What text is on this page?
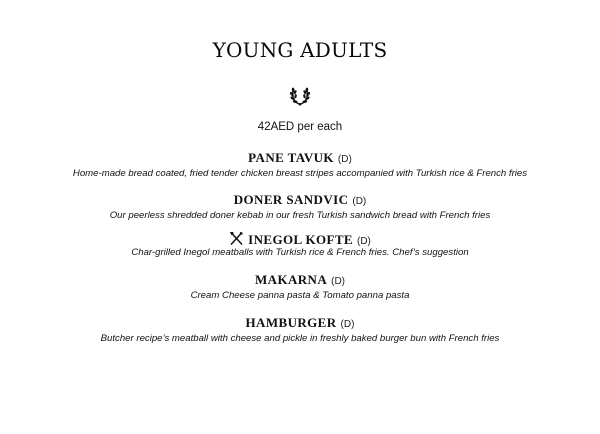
YOUNG ADULTS
42AED per each
PANE TAVUK (D)
Home-made bread coated, fried tender chicken breast stripes accompanied with Turkish rice & French fries
DONER SANDVIC (D)
Our peerless shredded doner kebab in our fresh Turkish sandwich bread with French fries
INEGOL KOFTE (D)
Char-grilled Inegol meatballs with Turkish rice & French fries. Chef’s suggestion
MAKARNA (D)
Cream Cheese panna pasta & Tomato panna pasta
HAMBURGER (D)
Butcher recipe’s meatball with cheese and pickle in freshly baked burger bun with French fries
